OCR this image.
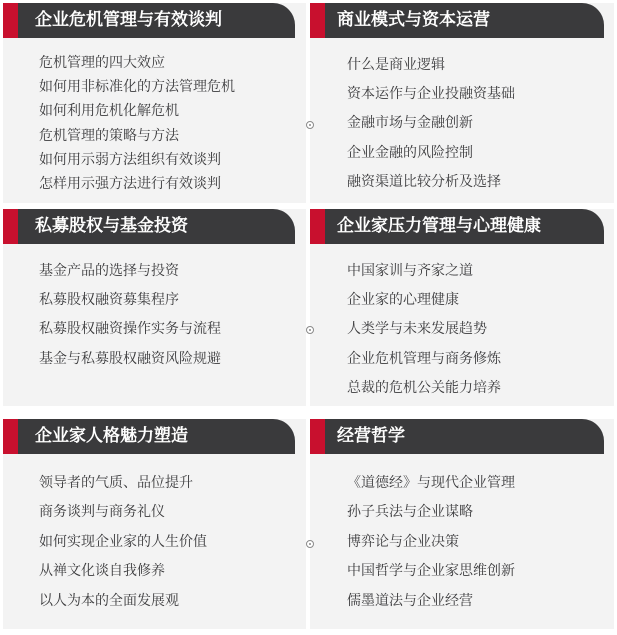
企业危机管理与有效谈判
危机管理的四大效应
如何用非标准化的方法管理危机
如何利用危机化解危机
危机管理的策略与方法
如何用示弱方法组织有效谈判
怎样用示强方法进行有效谈判
商业模式与资本运营
什么是商业逻辑
资本运作与企业投融资基础
金融市场与金融创新
企业金融的风险控制
融资渠道比较分析及选择
私募股权与基金投资
基金产品的选择与投资
私募股权融资募集程序
私募股权融资操作实务与流程
基金与私募股权融资风险规避
企业家压力管理与心理健康
中国家训与齐家之道
企业家的心理健康
人类学与未来发展趋势
企业危机管理与商务修炼
总裁的危机公关能力培养
企业家人格魅力塑造
领导者的气质、品位提升
商务谈判与商务礼仪
如何实现企业家的人生价值
从禅文化谈自我修养
以人为本的全面发展观
经营哲学
《道德经》与现代企业管理
孙子兵法与企业谋略
博弈论与企业决策
中国哲学与企业家思维创新
儒墨道法与企业经营
